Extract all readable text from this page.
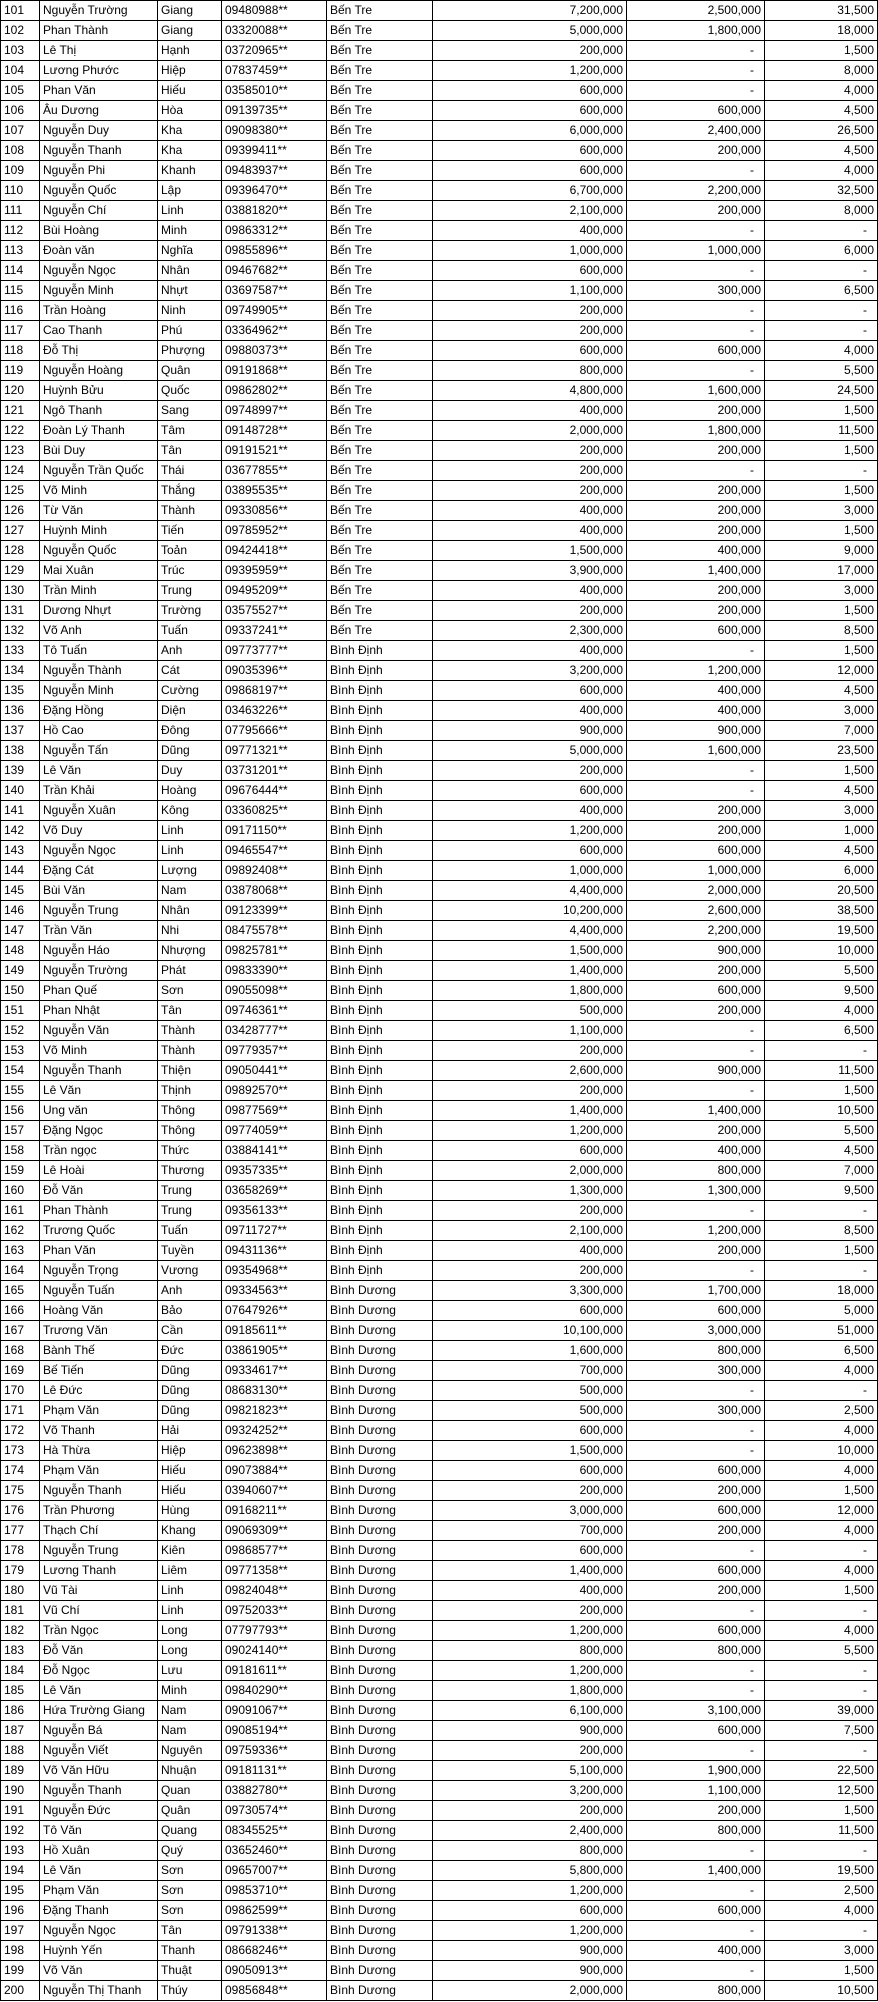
101	Nguyễn Trường	Giang	09480988**	Bến Tre	7,200,000	2,500,000	31,500
102	Phan Thành	Giang	03320088**	Bến Tre	5,000,000	1,800,000	18,000
103	Lê Thị	Hạnh	03720965**	Bến Tre	200,000	-	1,500
104	Lương Phước	Hiệp	07837459**	Bến Tre	1,200,000	-	8,000
105	Phan Văn	Hiếu	03585010**	Bến Tre	600,000	-	4,000
106	Âu Dương	Hòa	09139735**	Bến Tre	600,000	600,000	4,500
107	Nguyễn Duy	Kha	09098380**	Bến Tre	6,000,000	2,400,000	26,500
108	Nguyễn Thanh	Kha	09399411**	Bến Tre	600,000	200,000	4,500
109	Nguyễn Phi	Khanh	09483937**	Bến Tre	600,000	-	4,000
110	Nguyễn Quốc	Lập	09396470**	Bến Tre	6,700,000	2,200,000	32,500
111	Nguyễn Chí	Linh	03881820**	Bến Tre	2,100,000	200,000	8,000
112	Bùi Hoàng	Minh	09863312**	Bến Tre	400,000	-	-
113	Đoàn văn	Nghĩa	09855896**	Bến Tre	1,000,000	1,000,000	6,000
114	Nguyễn Ngọc	Nhân	09467682**	Bến Tre	600,000	-	-
115	Nguyễn Minh	Nhựt	03697587**	Bến Tre	1,100,000	300,000	6,500
116	Trần Hoàng	Ninh	09749905**	Bến Tre	200,000	-	-
117	Cao Thanh	Phú	03364962**	Bến Tre	200,000	-	-
118	Đỗ Thị	Phượng	09880373**	Bến Tre	600,000	600,000	4,000
119	Nguyễn Hoàng	Quân	09191868**	Bến Tre	800,000	-	5,500
120	Huỳnh Bửu	Quốc	09862802**	Bến Tre	4,800,000	1,600,000	24,500
121	Ngô Thanh	Sang	09748997**	Bến Tre	400,000	200,000	1,500
122	Đoàn Lý Thanh	Tâm	09148728**	Bến Tre	2,000,000	1,800,000	11,500
123	Bùi Duy	Tân	09191521**	Bến Tre	200,000	200,000	1,500
124	Nguyễn Trần Quốc	Thái	03677855**	Bến Tre	200,000	-	-
125	Võ Minh	Thắng	03895535**	Bến Tre	200,000	200,000	1,500
126	Từ Văn	Thành	09330856**	Bến Tre	400,000	200,000	3,000
127	Huỳnh Minh	Tiến	09785952**	Bến Tre	400,000	200,000	1,500
128	Nguyễn Quốc	Toản	09424418**	Bến Tre	1,500,000	400,000	9,000
129	Mai Xuân	Trúc	09395959**	Bến Tre	3,900,000	1,400,000	17,000
130	Trần Minh	Trung	09495209**	Bến Tre	400,000	200,000	3,000
131	Dương Nhựt	Trường	03575527**	Bến Tre	200,000	200,000	1,500
132	Võ Anh	Tuấn	09337241**	Bến Tre	2,300,000	600,000	8,500
133	Tô Tuấn	Anh	09773777**	Bình Định	400,000	-	1,500
134	Nguyễn Thành	Cát	09035396**	Bình Định	3,200,000	1,200,000	12,000
135	Nguyễn Minh	Cường	09868197**	Bình Định	600,000	400,000	4,500
136	Đặng Hồng	Diện	03463226**	Bình Định	400,000	400,000	3,000
137	Hồ Cao	Đông	07795666**	Bình Định	900,000	900,000	7,000
138	Nguyễn Tấn	Dũng	09771321**	Bình Định	5,000,000	1,600,000	23,500
139	Lê Văn	Duy	03731201**	Bình Định	200,000	-	1,500
140	Trần Khải	Hoàng	09676444**	Bình Định	600,000	-	4,500
141	Nguyễn Xuân	Kông	03360825**	Bình Định	400,000	200,000	3,000
142	Võ Duy	Linh	09171150**	Bình Định	1,200,000	200,000	1,000
143	Nguyễn Ngọc	Linh	09465547**	Bình Định	600,000	600,000	4,500
144	Đặng Cát	Lượng	09892408**	Bình Định	1,000,000	1,000,000	6,000
145	Bùi Văn	Nam	03878068**	Bình Định	4,400,000	2,000,000	20,500
146	Nguyễn Trung	Nhân	09123399**	Bình Định	10,200,000	2,600,000	38,500
147	Trần Văn	Nhi	08475578**	Bình Định	4,400,000	2,200,000	19,500
148	Nguyễn Háo	Nhượng	09825781**	Bình Định	1,500,000	900,000	10,000
149	Nguyễn Trường	Phát	09833390**	Bình Định	1,400,000	200,000	5,500
150	Phan Quế	Sơn	09055098**	Bình Định	1,800,000	600,000	9,500
151	Phan Nhật	Tân	09746361**	Bình Định	500,000	200,000	4,000
152	Nguyễn Văn	Thành	03428777**	Bình Định	1,100,000	-	6,500
153	Võ Minh	Thành	09779357**	Bình Định	200,000	-	-
154	Nguyễn Thanh	Thiện	09050441**	Bình Định	2,600,000	900,000	11,500
155	Lê Văn	Thịnh	09892570**	Bình Định	200,000	-	1,500
156	Ung văn	Thông	09877569**	Bình Định	1,400,000	1,400,000	10,500
157	Đặng Ngọc	Thông	09774059**	Bình Định	1,200,000	200,000	5,500
158	Trần ngọc	Thức	03884141**	Bình Định	600,000	400,000	4,500
159	Lê Hoài	Thương	09357335**	Bình Định	2,000,000	800,000	7,000
160	Đỗ Văn	Trung	03658269**	Bình Định	1,300,000	1,300,000	9,500
161	Phan Thành	Trung	09356133**	Bình Định	200,000	-	-
162	Trương Quốc	Tuấn	09711727**	Bình Định	2,100,000	1,200,000	8,500
163	Phan Văn	Tuyền	09431136**	Bình Định	400,000	200,000	1,500
164	Nguyễn Trọng	Vương	09354968**	Bình Định	200,000	-	-
165	Nguyễn Tuấn	Anh	09334563**	Bình Dương	3,300,000	1,700,000	18,000
166	Hoàng Văn	Bảo	07647926**	Bình Dương	600,000	600,000	5,000
167	Trương Văn	Cần	09185611**	Bình Dương	10,100,000	3,000,000	51,000
168	Bành Thế	Đức	03861905**	Bình Dương	1,600,000	800,000	6,500
169	Bế Tiến	Dũng	09334617**	Bình Dương	700,000	300,000	4,000
170	Lê Đức	Dũng	08683130**	Bình Dương	500,000	-	-
171	Phạm Văn	Dũng	09821823**	Bình Dương	500,000	300,000	2,500
172	Võ Thanh	Hải	09324252**	Bình Dương	600,000	-	4,000
173	Hà Thừa	Hiệp	09623898**	Bình Dương	1,500,000	-	10,000
174	Phạm Văn	Hiếu	09073884**	Bình Dương	600,000	600,000	4,000
175	Nguyễn Thanh	Hiếu	03940607**	Bình Dương	200,000	200,000	1,500
176	Trần Phương	Hùng	09168211**	Bình Dương	3,000,000	600,000	12,000
177	Thạch Chí	Khang	09069309**	Bình Dương	700,000	200,000	4,000
178	Nguyễn Trung	Kiên	09868577**	Bình Dương	600,000	-	-
179	Lương Thanh	Liêm	09771358**	Bình Dương	1,400,000	600,000	4,000
180	Vũ Tài	Linh	09824048**	Bình Dương	400,000	200,000	1,500
181	Vũ Chí	Linh	09752033**	Bình Dương	200,000	-	-
182	Trần Ngọc	Long	07797793**	Bình Dương	1,200,000	600,000	4,000
183	Đỗ Văn	Long	09024140**	Bình Dương	800,000	800,000	5,500
184	Đỗ Ngọc	Lưu	09181611**	Bình Dương	1,200,000	-	-
185	Lê Văn	Minh	09840290**	Bình Dương	1,800,000	-	-
186	Hứa Trường Giang	Nam	09091067**	Bình Dương	6,100,000	3,100,000	39,000
187	Nguyễn Bá	Nam	09085194**	Bình Dương	900,000	600,000	7,500
188	Nguyễn Viết	Nguyên	09759336**	Bình Dương	200,000	-	-
189	Võ Văn Hữu	Nhuận	09181131**	Bình Dương	5,100,000	1,900,000	22,500
190	Nguyễn Thanh	Quan	03882780**	Bình Dương	3,200,000	1,100,000	12,500
191	Nguyễn Đức	Quân	09730574**	Bình Dương	200,000	200,000	1,500
192	Tô Văn	Quang	08345525**	Bình Dương	2,400,000	800,000	11,500
193	Hồ Xuân	Quý	03652460**	Bình Dương	800,000	-	-
194	Lê Văn	Sơn	09657007**	Bình Dương	5,800,000	1,400,000	19,500
195	Phạm Văn	Sơn	09853710**	Bình Dương	1,200,000	-	2,500
196	Đặng Thanh	Sơn	09862599**	Bình Dương	600,000	600,000	4,000
197	Nguyễn Ngọc	Tân	09791338**	Bình Dương	1,200,000	-	-
198	Huỳnh Yến	Thanh	08668246**	Bình Dương	900,000	400,000	3,000
199	Võ Văn	Thuật	09050913**	Bình Dương	900,000	-	1,500
200	Nguyễn Thị Thanh	Thúy	09856848**	Bình Dương	2,000,000	800,000	10,500
